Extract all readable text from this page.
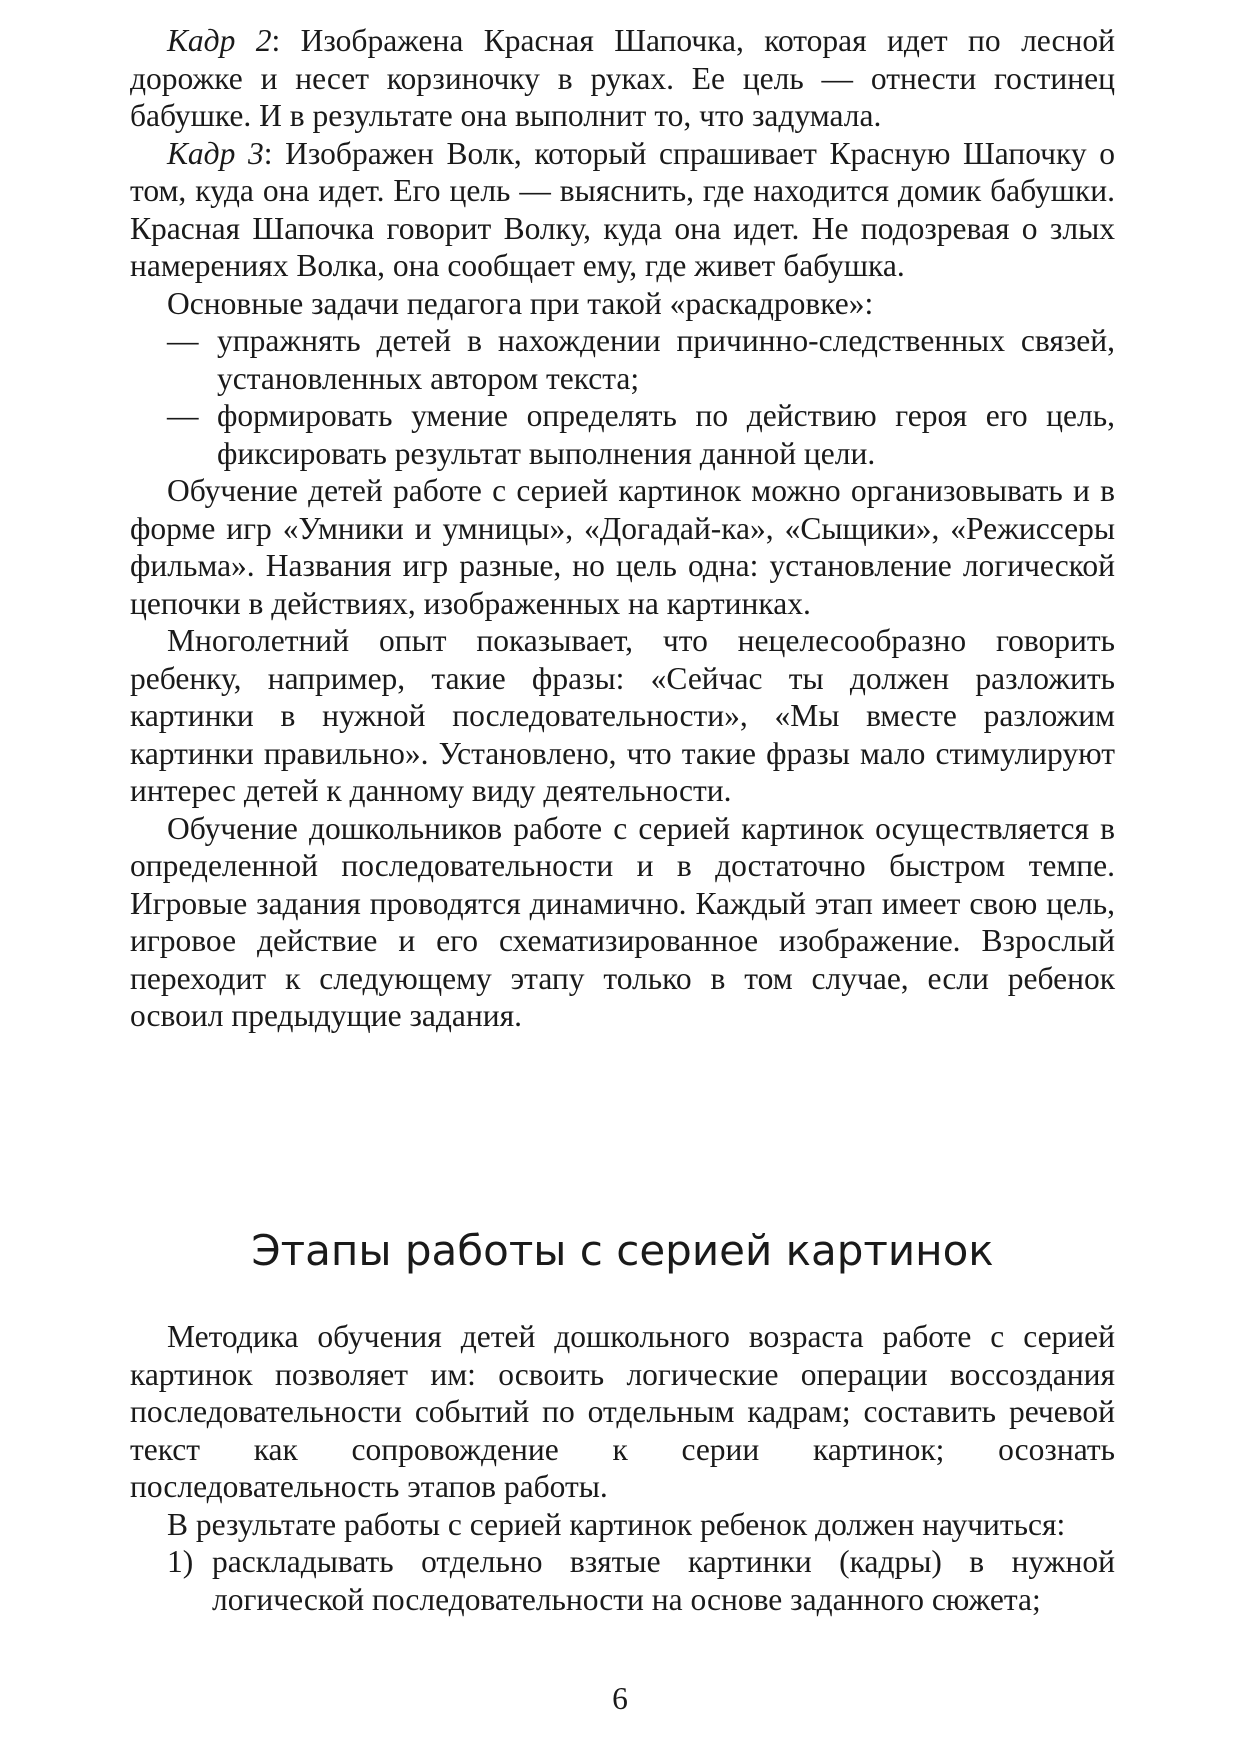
Кадр 2: Изображена Красная Шапочка, которая идет по лесной дорожке и несет корзиночку в руках. Ее цель — отнести гостинец бабушке. И в результате она выполнит то, что задумала.

Кадр 3: Изображен Волк, который спрашивает Красную Шапочку о том, куда она идет. Его цель — выяснить, где находится домик бабушки. Красная Шапочка говорит Волку, куда она идет. Не подозревая о злых намерениях Волка, она сообщает ему, где живет бабушка.

Основные задачи педагога при такой «раскадровке»:

— упражнять детей в нахождении причинно-следственных связей, установленных автором текста;
— формировать умение определять по действию героя его цель, фиксировать результат выполнения данной цели.

Обучение детей работе с серией картинок можно организовывать и в форме игр «Умники и умницы», «Догадай-ка», «Сыщики», «Режиссеры фильма». Названия игр разные, но цель одна: установление логической цепочки в действиях, изображенных на картинках.

Многолетний опыт показывает, что нецелесообразно говорить ребенку, например, такие фразы: «Сейчас ты должен разложить картинки в нужной последовательности», «Мы вместе разложим картинки правильно». Установлено, что такие фразы мало стимулируют интерес детей к данному виду деятельности.

Обучение дошкольников работе с серией картинок осуществляется в определенной последовательности и в достаточно быстром темпе. Игровые задания проводятся динамично. Каждый этап имеет свою цель, игровое действие и его схематизированное изображение. Взрослый переходит к следующему этапу только в том случае, если ребенок освоил предыдущие задания.

Этапы работы с серией картинок

Методика обучения детей дошкольного возраста работе с серией картинок позволяет им: освоить логические операции воссоздания последовательности событий по отдельным кадрам; составить речевой текст как сопровождение к серии картинок; осознать последовательность этапов работы.

В результате работы с серией картинок ребенок должен научиться:

1) раскладывать отдельно взятые картинки (кадры) в нужной логической последовательности на основе заданного сюжета;
6
